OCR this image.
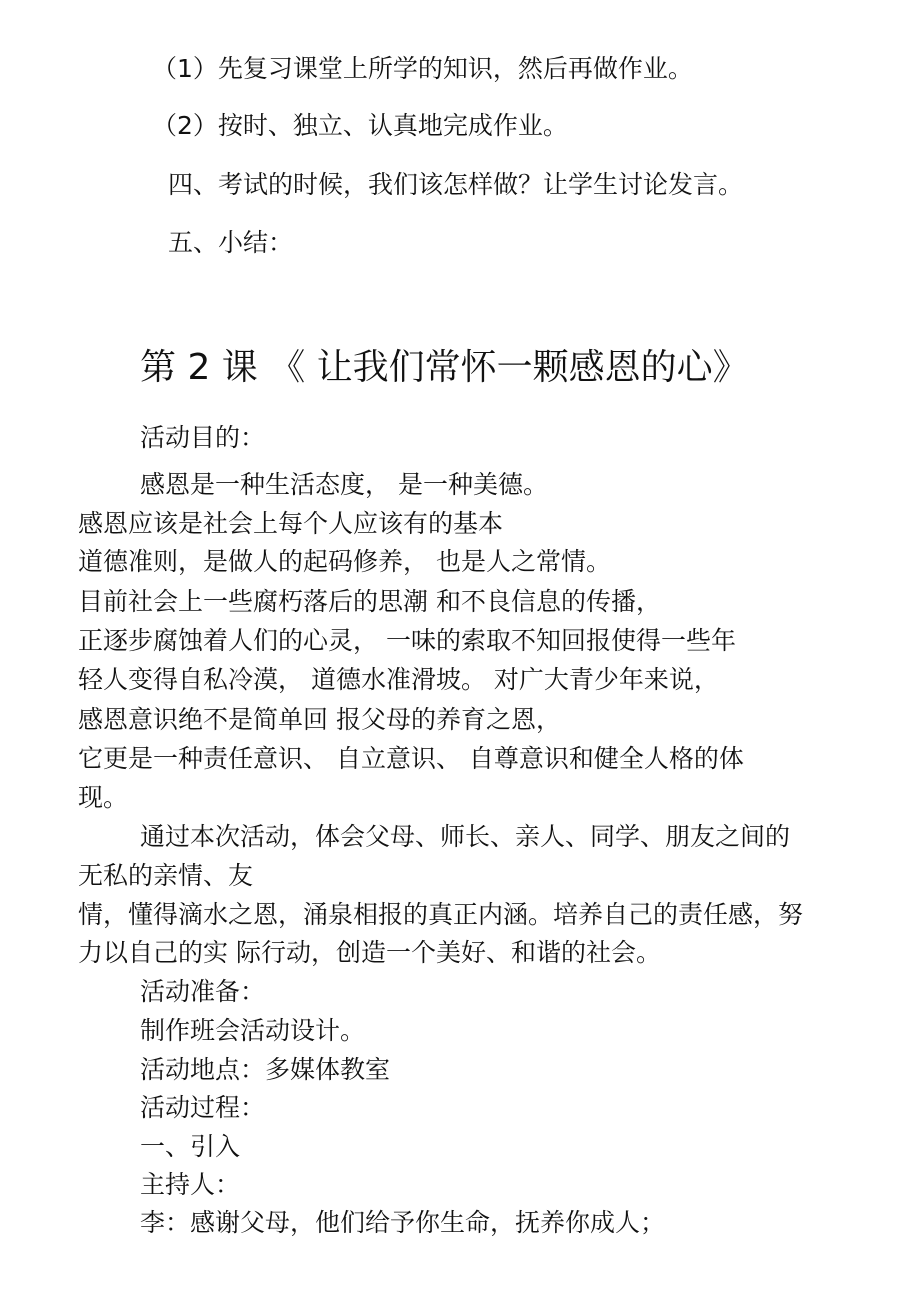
（1）先复习课堂上所学的知识，然后再做作业。
（2）按时、独立、认真地完成作业。
四、考试的时候，我们该怎样做？让学生讨论发言。
五、小结：
第 2 课 《 让我们常怀一颗感恩的心》
活动目的：
感恩是一种生活态度， 是一种美德。
感恩应该是社会上每个人应该有的基本
道德准则，是做人的起码修养， 也是人之常情。
目前社会上一些腐朽落后的思潮 和不良信息的传播，
正逐步腐蚀着人们的心灵， 一味的索取不知回报使得一些年
轻人变得自私冷漠， 道德水准滑坡。 对广大青少年来说，
感恩意识绝不是简单回 报父母的养育之恩，
它更是一种责任意识、 自立意识、 自尊意识和健全人格的体
现。
通过本次活动，体会父母、师长、亲人、同学、朋友之间的
无私的亲情、友
情，懂得滴水之恩，涌泉相报的真正内涵。培养自己的责任感，努
力以自己的实 际行动，创造一个美好、和谐的社会。
活动准备：
制作班会活动设计。
活动地点：多媒体教室
活动过程：
一、引入
主持人：
李：感谢父母，他们给予你生命，抚养你成人；
